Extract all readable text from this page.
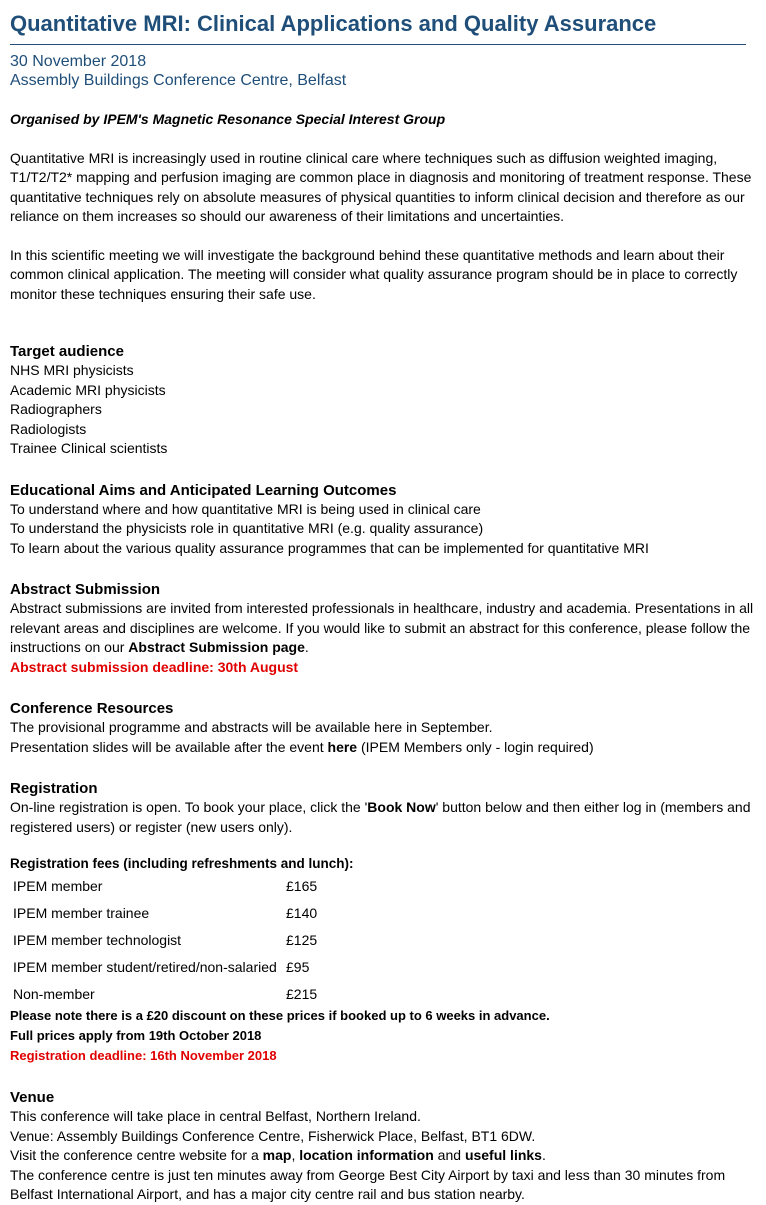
Quantitative MRI: Clinical Applications and Quality Assurance
30 November 2018
Assembly Buildings Conference Centre, Belfast

Organised by IPEM's Magnetic Resonance Special Interest Group

Quantitative MRI is increasingly used in routine clinical care where techniques such as diffusion weighted imaging, T1/T2/T2* mapping and perfusion imaging are common place in diagnosis and monitoring of treatment response. These quantitative techniques rely on absolute measures of physical quantities to inform clinical decision and therefore as our reliance on them increases so should our awareness of their limitations and uncertainties.

In this scientific meeting we will investigate the background behind these quantitative methods and learn about their common clinical application. The meeting will consider what quality assurance program should be in place to correctly monitor these techniques ensuring their safe use.

Target audience
NHS MRI physicists
Academic MRI physicists
Radiographers
Radiologists
Trainee Clinical scientists
Educational Aims and Anticipated Learning Outcomes
To understand where and how quantitative MRI is being used in clinical care
To understand the physicists role in quantitative MRI (e.g. quality assurance)
To learn about the various quality assurance programmes that can be implemented for quantitative MRI
Abstract Submission

Abstract submissions are invited from interested professionals in healthcare, industry and academia. Presentations in all relevant areas and disciplines are welcome. If you would like to submit an abstract for this conference, please follow the instructions on our Abstract Submission page.

Abstract submission deadline: 30th August

Conference Resources

The provisional programme and abstracts will be available here in September.

Presentation slides will be available after the event here (IPEM Members only - login required)

Registration

On-line registration is open. To book your place, click the 'Book Now' button below and then either log in (members and registered users) or register (new users only).

Registration fees (including refreshments and lunch):
IPEM member	£165
IPEM member trainee	£140
IPEM member technologist	£125
IPEM member student/retired/non-salaried	£95
Non-member	£215
Please note there is a £20 discount on these prices if booked up to 6 weeks in advance.
Full prices apply from 19th October 2018
Registration deadline: 16th November 2018
Venue

This conference will take place in central Belfast, Northern Ireland.

Venue: Assembly Buildings Conference Centre, Fisherwick Place, Belfast, BT1 6DW.

Visit the conference centre website for a map, location information and useful links.

The conference centre is just ten minutes away from George Best City Airport by taxi and less than 30 minutes from Belfast International Airport, and has a major city centre rail and bus station nearby.
